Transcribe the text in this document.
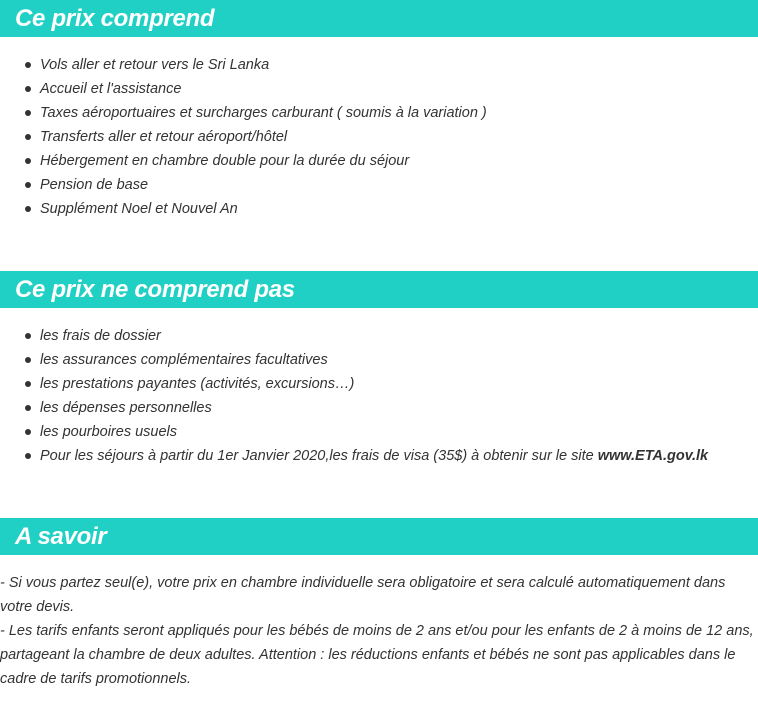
Ce prix comprend
Vols aller et retour vers le Sri Lanka
Accueil et l'assistance
Taxes aéroportuaires et surcharges carburant ( soumis à la variation )
Transferts aller et retour aéroport/hôtel
Hébergement en chambre double pour la durée du séjour
Pension de base
Supplément Noel et Nouvel An
Ce prix ne comprend pas
les frais de dossier
les assurances complémentaires facultatives
les prestations payantes (activités, excursions…)
les dépenses personnelles
les pourboires usuels
Pour les séjours à partir du 1er Janvier 2020,les frais de visa (35$) à obtenir sur le site www.ETA.gov.lk
A savoir

- Si vous partez seul(e), votre prix en chambre individuelle sera obligatoire et sera calculé automatiquement dans votre devis.

- Les tarifs enfants seront appliqués pour les bébés de moins de 2 ans et/ou pour les enfants de 2 à moins de 12 ans, partageant la chambre de deux adultes. Attention : les réductions enfants et bébés ne sont pas applicables dans le cadre de tarifs promotionnels.
